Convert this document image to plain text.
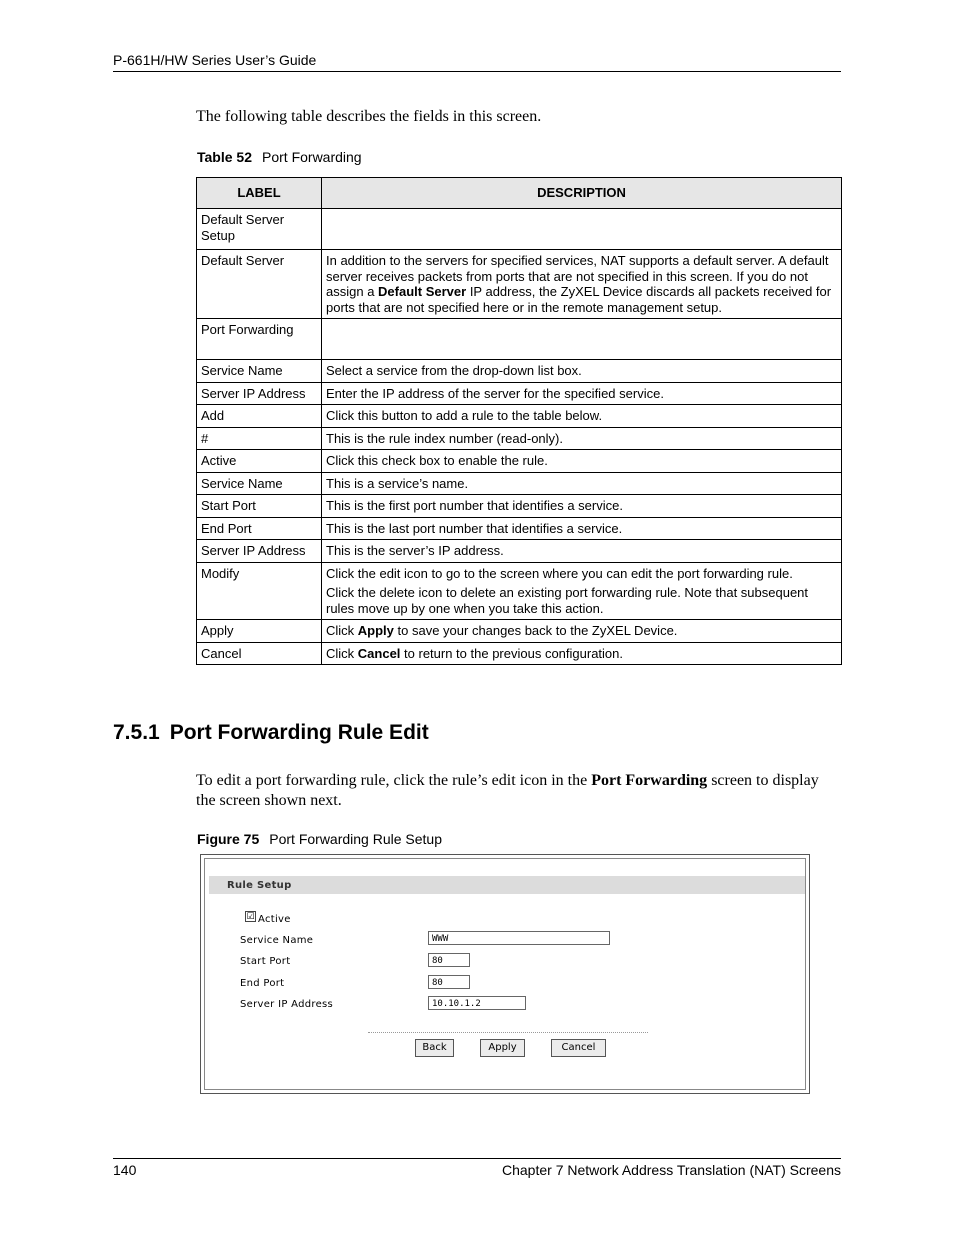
P-661H/HW Series User’s Guide
The following table describes the fields in this screen.
Table 52 Port Forwarding
LABEL	DESCRIPTION
Default Server Setup	
Default Server	In addition to the servers for specified services, NAT supports a default server. A default server receives packets from ports that are not specified in this screen. If you do not assign a Default Server IP address, the ZyXEL Device discards all packets received for ports that are not specified here or in the remote management setup.

Port Forwarding	
Service Name	Select a service from the drop-down list box.

Server IP Address	Enter the IP address of the server for the specified service.

Add	Click this button to add a rule to the table below.

#	This is the rule index number (read-only).

Active	Click this check box to enable the rule.

Service Name	This is a service’s name.

Start Port	This is the first port number that identifies a service.

End Port	This is the last port number that identifies a service.

Server IP Address	This is the server’s IP address.

Modify	Click the edit icon to go to the screen where you can edit the port forwarding rule.

Click the delete icon to delete an existing port forwarding rule. Note that subsequent rules move up by one when you take this action.

Apply	Click Apply to save your changes back to the ZyXEL Device.

Cancel	Click Cancel to return to the previous configuration.

7.5.1 Port Forwarding Rule Edit
To edit a port forwarding rule, click the rule’s edit icon in the Port Forwarding screen to display the screen shown next.
Figure 75 Port Forwarding Rule Setup
Rule Setup
☑ Active
Service Name	WWW
Start Port	80
End Port	80
Server IP Address	10.10.1.2
Back	Apply	Cancel
140	Chapter 7 Network Address Translation (NAT) Screens
